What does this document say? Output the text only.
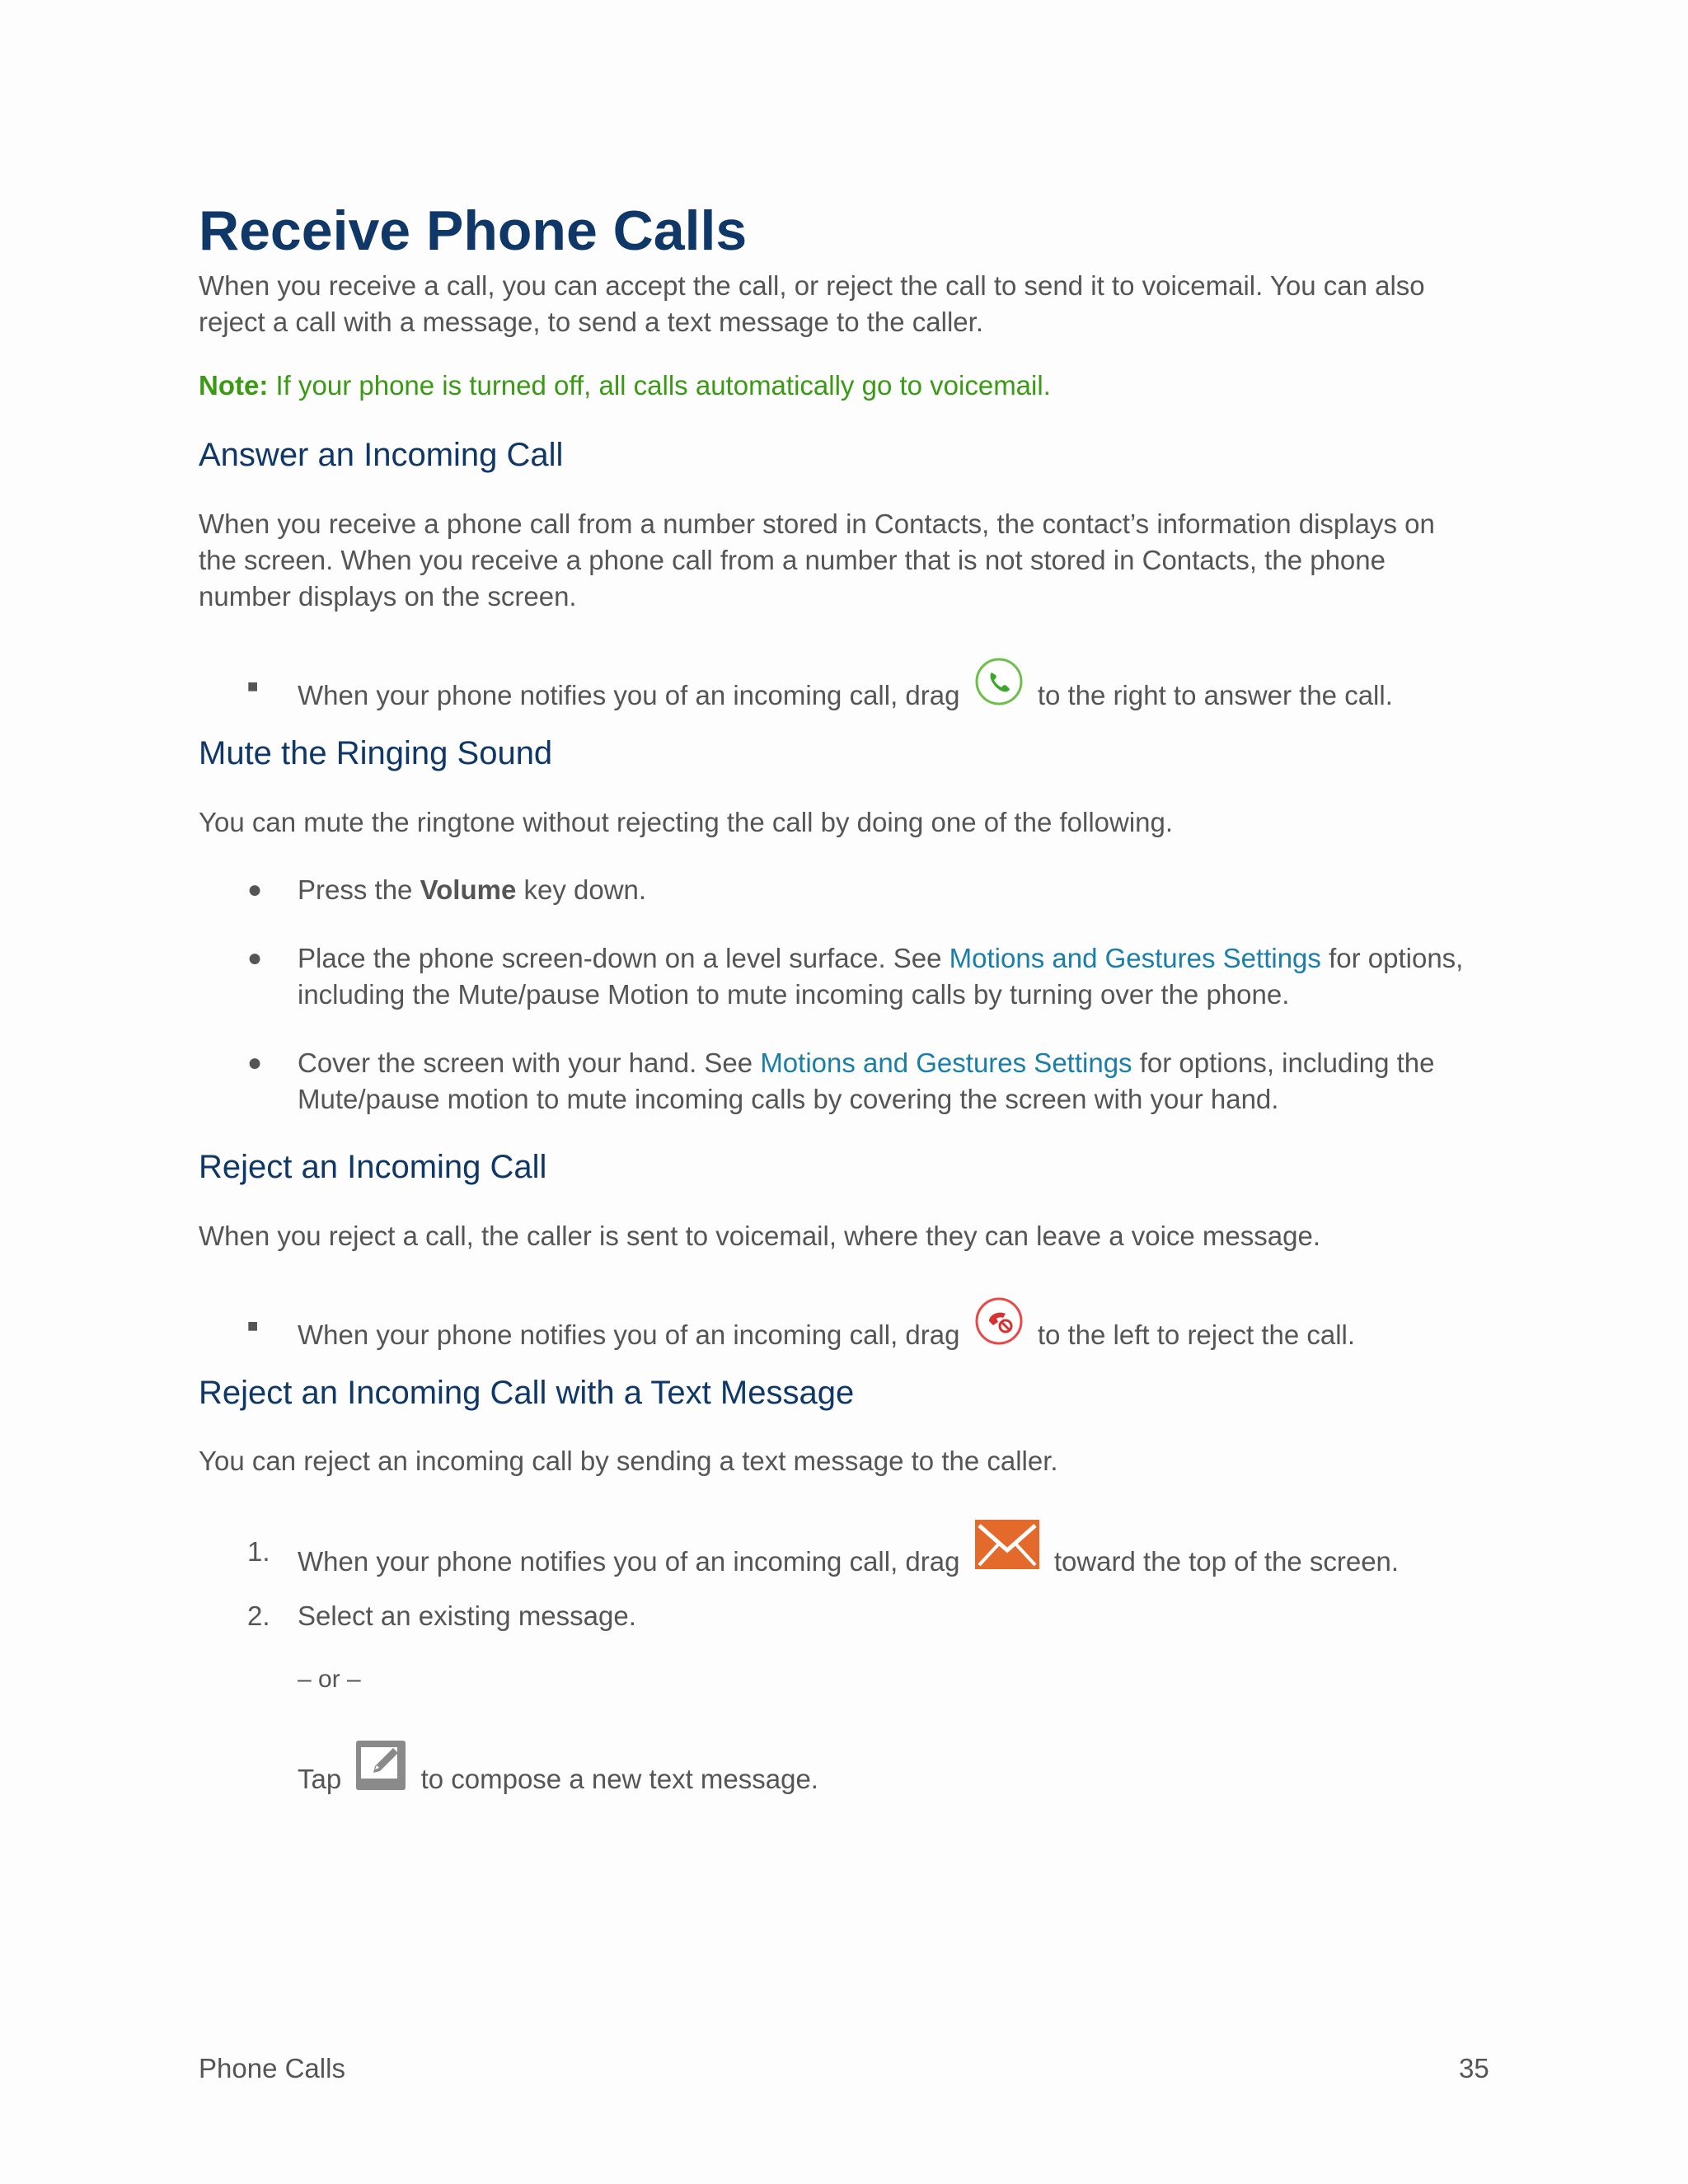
Receive Phone Calls
When you receive a call, you can accept the call, or reject the call to send it to voicemail. You can also
reject a call with a message, to send a text message to the caller.
Note: If your phone is turned off, all calls automatically go to voicemail.
Answer an Incoming Call
When you receive a phone call from a number stored in Contacts, the contact’s information displays on
the screen. When you receive a phone call from a number that is not stored in Contacts, the phone
number displays on the screen.
■	When your phone notifies you of an incoming call, drag	to the right to answer the call.
Mute the Ringing Sound
You can mute the ringtone without rejecting the call by doing one of the following.
●	Press the Volume key down.
●	Place the phone screen-down on a level surface. See Motions and Gestures Settings for options,
including the Mute/pause Motion to mute incoming calls by turning over the phone.
●	Cover the screen with your hand. See Motions and Gestures Settings for options, including the
Mute/pause motion to mute incoming calls by covering the screen with your hand.
Reject an Incoming Call
When you reject a call, the caller is sent to voicemail, where they can leave a voice message.
■	When your phone notifies you of an incoming call, drag	to the left to reject the call.
Reject an Incoming Call with a Text Message
You can reject an incoming call by sending a text message to the caller.
1.	When your phone notifies you of an incoming call, drag	toward the top of the screen.
2.	Select an existing message.
– or –
Tap	to compose a new text message.
Phone Calls	35
